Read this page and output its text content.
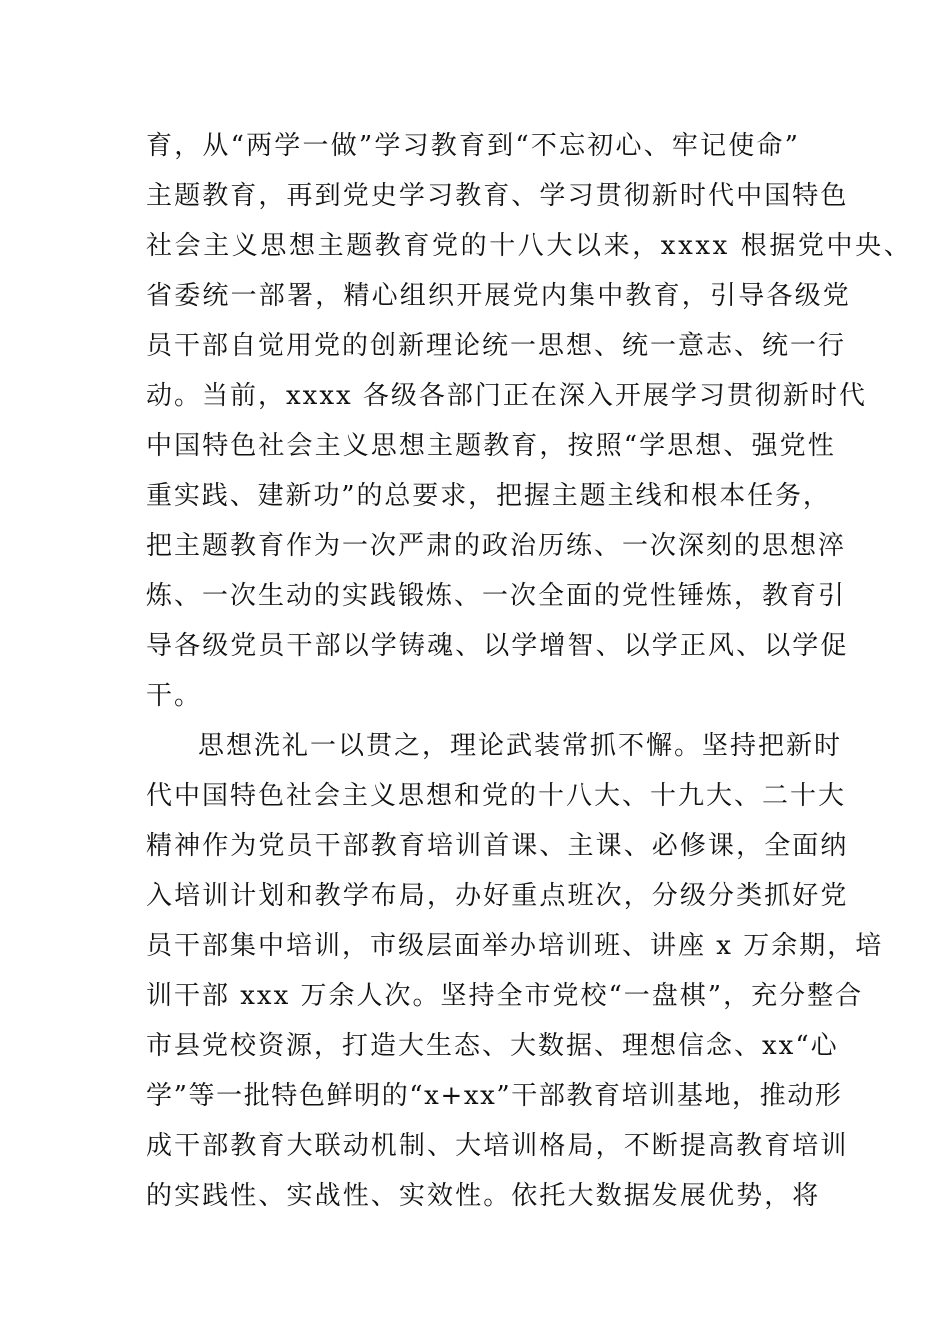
育，从“两学一做”学习教育到“不忘初心、牢记使命”
主题教育，再到党史学习教育、学习贯彻新时代中国特色
社会主义思想主题教育党的十八大以来，xxxx 根据党中央、
省委统一部署，精心组织开展党内集中教育，引导各级党
员干部自觉用党的创新理论统一思想、统一意志、统一行
动。当前，xxxx 各级各部门正在深入开展学习贯彻新时代
中国特色社会主义思想主题教育，按照“学思想、强党性
重实践、建新功”的总要求，把握主题主线和根本任务，
把主题教育作为一次严肃的政治历练、一次深刻的思想淬
炼、一次生动的实践锻炼、一次全面的党性锤炼，教育引
导各级党员干部以学铸魂、以学增智、以学正风、以学促
干。
思想洗礼一以贯之，理论武装常抓不懈。坚持把新时
代中国特色社会主义思想和党的十八大、十九大、二十大
精神作为党员干部教育培训首课、主课、必修课，全面纳
入培训计划和教学布局，办好重点班次，分级分类抓好党
员干部集中培训，市级层面举办培训班、讲座 x 万余期，培
训干部 xxx 万余人次。坚持全市党校“一盘棋”，充分整合
市县党校资源，打造大生态、大数据、理想信念、xx“心
学”等一批特色鲜明的“x+xx”干部教育培训基地，推动形
成干部教育大联动机制、大培训格局，不断提高教育培训
的实践性、实战性、实效性。依托大数据发展优势，将
